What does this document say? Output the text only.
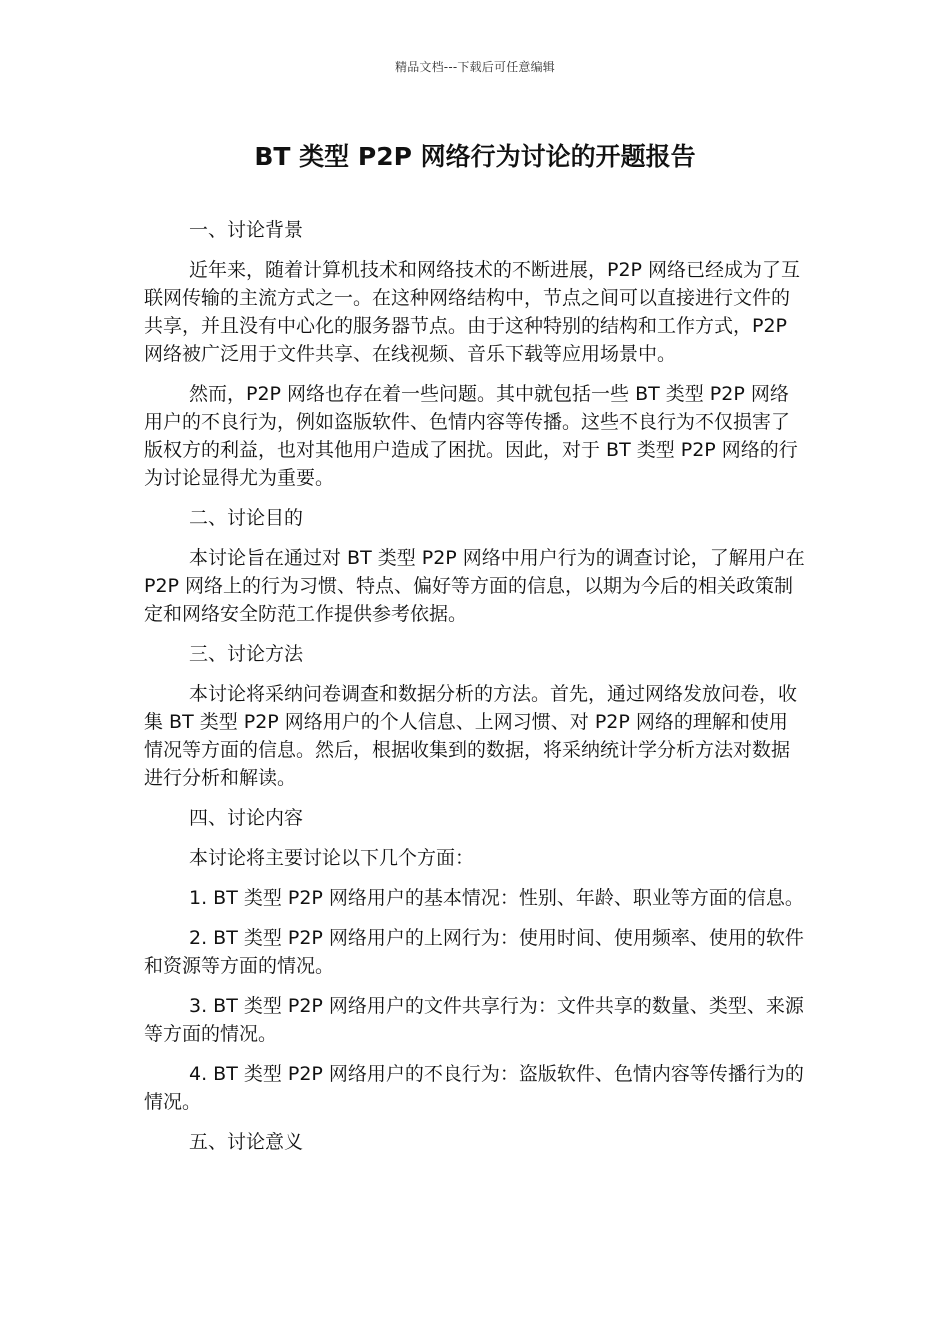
精品文档---下载后可任意编辑
BT 类型 P2P 网络行为讨论的开题报告

一、讨论背景

近年来，随着计算机技术和网络技术的不断进展，P2P 网络已经成为了互联网传输的主流方式之一。在这种网络结构中，节点之间可以直接进行文件的共享，并且没有中心化的服务器节点。由于这种特别的结构和工作方式，P2P 网络被广泛用于文件共享、在线视频、音乐下载等应用场景中。

然而，P2P 网络也存在着一些问题。其中就包括一些 BT 类型 P2P 网络用户的不良行为，例如盗版软件、色情内容等传播。这些不良行为不仅损害了版权方的利益，也对其他用户造成了困扰。因此，对于 BT 类型 P2P 网络的行为讨论显得尤为重要。

二、讨论目的

本讨论旨在通过对 BT 类型 P2P 网络中用户行为的调查讨论，了解用户在 P2P 网络上的行为习惯、特点、偏好等方面的信息，以期为今后的相关政策制定和网络安全防范工作提供参考依据。

三、讨论方法

本讨论将采纳问卷调查和数据分析的方法。首先，通过网络发放问卷，收集 BT 类型 P2P 网络用户的个人信息、上网习惯、对 P2P 网络的理解和使用情况等方面的信息。然后，根据收集到的数据，将采纳统计学分析方法对数据进行分析和解读。

四、讨论内容

本讨论将主要讨论以下几个方面：

1. BT 类型 P2P 网络用户的基本情况：性别、年龄、职业等方面的信息。

2. BT 类型 P2P 网络用户的上网行为：使用时间、使用频率、使用的软件和资源等方面的情况。

3. BT 类型 P2P 网络用户的文件共享行为：文件共享的数量、类型、来源等方面的情况。

4. BT 类型 P2P 网络用户的不良行为：盗版软件、色情内容等传播行为的情况。

五、讨论意义
